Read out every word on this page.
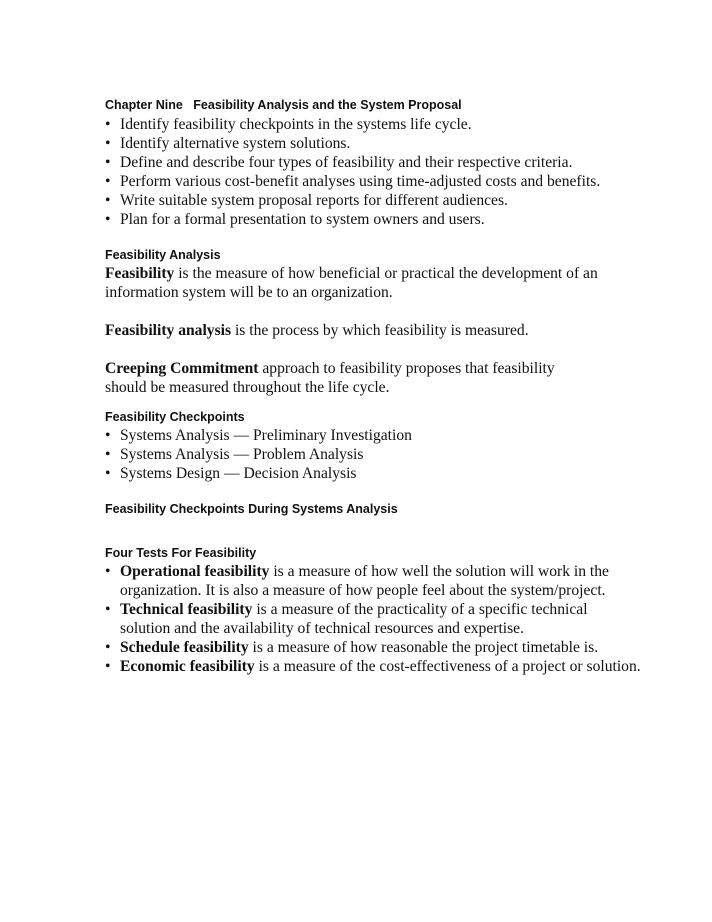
Chapter Nine Feasibility Analysis and the System Proposal
• Identify feasibility checkpoints in the systems life cycle.
• Identify alternative system solutions.
• Define and describe four types of feasibility and their respective criteria.
• Perform various cost-benefit analyses using time-adjusted costs and benefits.
• Write suitable system proposal reports for different audiences.
• Plan for a formal presentation to system owners and users.
Feasibility Analysis

Feasibility is the measure of how beneficial or practical the development of an information system will be to an organization.

Feasibility analysis is the process by which feasibility is measured.

Creeping Commitment approach to feasibility proposes that feasibility should be measured throughout the life cycle.

Feasibility Checkpoints
• Systems Analysis — Preliminary Investigation
• Systems Analysis — Problem Analysis
• Systems Design — Decision Analysis
Feasibility Checkpoints During Systems Analysis
Four Tests For Feasibility
• Operational feasibility is a measure of how well the solution will work in the organization. It is also a measure of how people feel about the system/project.
• Technical feasibility is a measure of the practicality of a specific technical solution and the availability of technical resources and expertise.
• Schedule feasibility is a measure of how reasonable the project timetable is.
• Economic feasibility is a measure of the cost-effectiveness of a project or solution.
